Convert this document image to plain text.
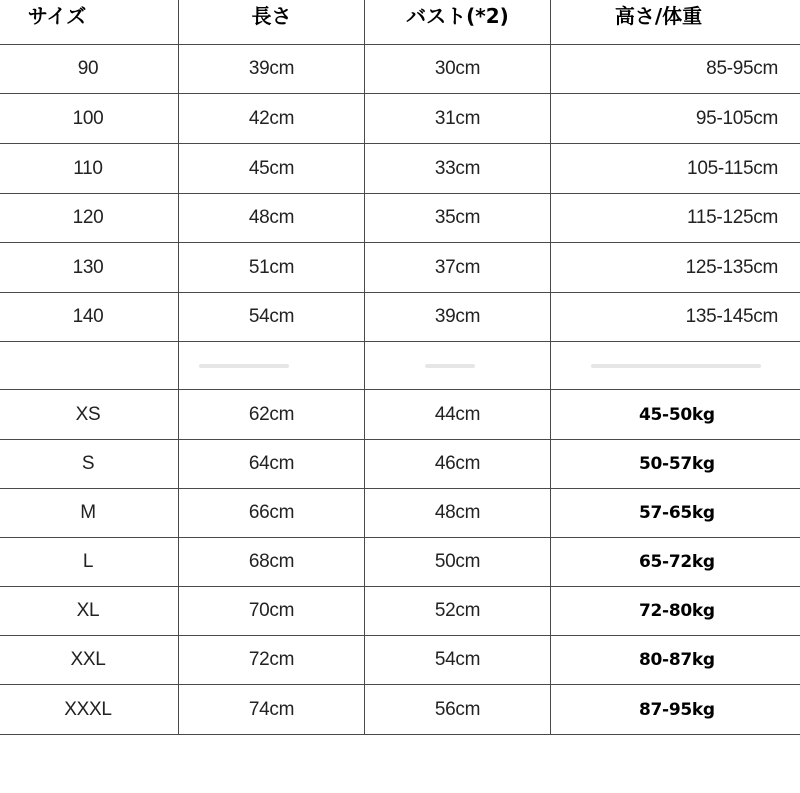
サイズ	長さ	バスト(*2)	高さ/体重
90	39cm	30cm	85-95cm
100	42cm	31cm	95-105cm
110	45cm	33cm	105-115cm
120	48cm	35cm	115-125cm
130	51cm	37cm	125-135cm
140	54cm	39cm	135-145cm
XS	62cm	44cm	45-50kg
S	64cm	46cm	50-57kg
M	66cm	48cm	57-65kg
L	68cm	50cm	65-72kg
XL	70cm	52cm	72-80kg
XXL	72cm	54cm	80-87kg
XXXL	74cm	56cm	87-95kg
